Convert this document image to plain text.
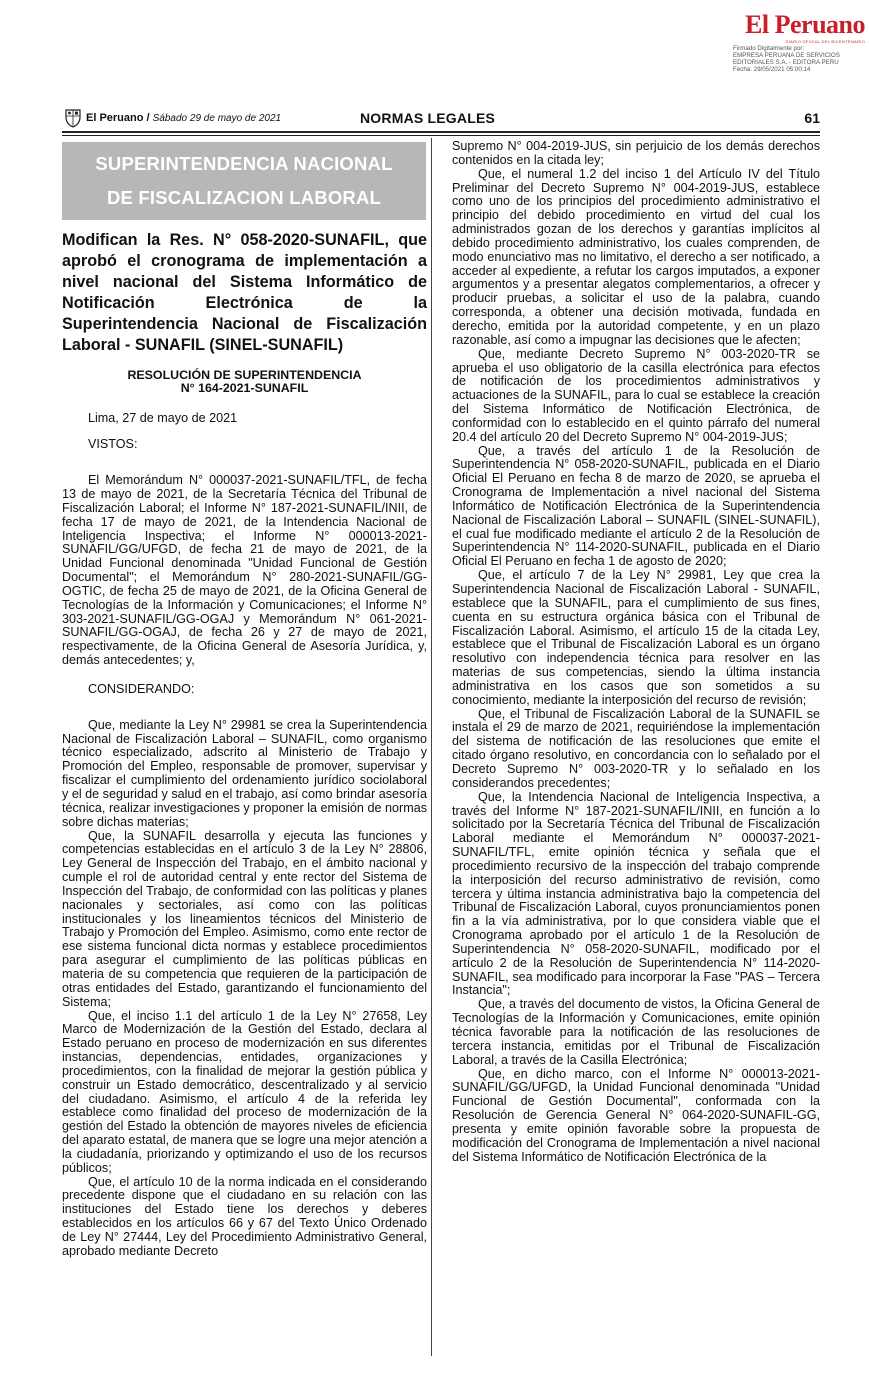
El Peruano
DIARIO OFICIAL DEL BICENTENARIO
Firmado Digitalmente por:
EMPRESA PERUANA DE SERVICIOS
EDITORIALES S.A. - EDITORA PERU
Fecha: 29/05/2021 05:00:14
El Peruano / Sábado 29 de mayo de 2021	NORMAS LEGALES	61
SUPERINTENDENCIA NACIONAL
DE FISCALIZACION LABORAL
Modifican la Res. N° 058-2020-SUNAFIL, que aprobó el cronograma de implementación a nivel nacional del Sistema Informático de Notificación Electrónica de la Superintendencia Nacional de Fiscalización Laboral - SUNAFIL (SINEL-SUNAFIL)
RESOLUCIÓN DE SUPERINTENDENCIA
N° 164-2021-SUNAFIL

Lima, 27 de mayo de 2021

VISTOS:

El Memorándum N° 000037-2021-SUNAFIL/TFL, de fecha 13 de mayo de 2021, de la Secretaría Técnica del Tribunal de Fiscalización Laboral; el Informe N° 187-2021-SUNAFIL/INII, de fecha 17 de mayo de 2021, de la Intendencia Nacional de Inteligencia Inspectiva; el Informe N° 000013-2021-SUNAFIL/GG/UFGD, de fecha 21 de mayo de 2021, de la Unidad Funcional denominada "Unidad Funcional de Gestión Documental"; el Memorándum N° 280-2021-SUNAFIL/GG-OGTIC, de fecha 25 de mayo de 2021, de la Oficina General de Tecnologías de la Información y Comunicaciones; el Informe N° 303-2021-SUNAFIL/GG-OGAJ y Memorándum N° 061-2021-SUNAFIL/GG-OGAJ, de fecha 26 y 27 de mayo de 2021, respectivamente, de la Oficina General de Asesoría Jurídica, y, demás antecedentes; y,

CONSIDERANDO:

Que, mediante la Ley N° 29981 se crea la Superintendencia Nacional de Fiscalización Laboral – SUNAFIL, como organismo técnico especializado, adscrito al Ministerio de Trabajo y Promoción del Empleo, responsable de promover, supervisar y fiscalizar el cumplimiento del ordenamiento jurídico sociolaboral y el de seguridad y salud en el trabajo, así como brindar asesoría técnica, realizar investigaciones y proponer la emisión de normas sobre dichas materias;

Que, la SUNAFIL desarrolla y ejecuta las funciones y competencias establecidas en el artículo 3 de la Ley N° 28806, Ley General de Inspección del Trabajo, en el ámbito nacional y cumple el rol de autoridad central y ente rector del Sistema de Inspección del Trabajo, de conformidad con las políticas y planes nacionales y sectoriales, así como con las políticas institucionales y los lineamientos técnicos del Ministerio de Trabajo y Promoción del Empleo. Asimismo, como ente rector de ese sistema funcional dicta normas y establece procedimientos para asegurar el cumplimiento de las políticas públicas en materia de su competencia que requieren de la participación de otras entidades del Estado, garantizando el funcionamiento del Sistema;

Que, el inciso 1.1 del artículo 1 de la Ley N° 27658, Ley Marco de Modernización de la Gestión del Estado, declara al Estado peruano en proceso de modernización en sus diferentes instancias, dependencias, entidades, organizaciones y procedimientos, con la finalidad de mejorar la gestión pública y construir un Estado democrático, descentralizado y al servicio del ciudadano. Asimismo, el artículo 4 de la referida ley establece como finalidad del proceso de modernización de la gestión del Estado la obtención de mayores niveles de eficiencia del aparato estatal, de manera que se logre una mejor atención a la ciudadanía, priorizando y optimizando el uso de los recursos públicos;

Que, el artículo 10 de la norma indicada en el considerando precedente dispone que el ciudadano en su relación con las instituciones del Estado tiene los derechos y deberes establecidos en los artículos 66 y 67 del Texto Único Ordenado de Ley N° 27444, Ley del Procedimiento Administrativo General, aprobado mediante Decreto

Supremo N° 004-2019-JUS, sin perjuicio de los demás derechos contenidos en la citada ley;

Que, el numeral 1.2 del inciso 1 del Artículo IV del Título Preliminar del Decreto Supremo N° 004-2019-JUS, establece como uno de los principios del procedimiento administrativo el principio del debido procedimiento en virtud del cual los administrados gozan de los derechos y garantías implícitos al debido procedimiento administrativo, los cuales comprenden, de modo enunciativo mas no limitativo, el derecho a ser notificado, a acceder al expediente, a refutar los cargos imputados, a exponer argumentos y a presentar alegatos complementarios, a ofrecer y producir pruebas, a solicitar el uso de la palabra, cuando corresponda, a obtener una decisión motivada, fundada en derecho, emitida por la autoridad competente, y en un plazo razonable, así como a impugnar las decisiones que le afecten;

Que, mediante Decreto Supremo N° 003-2020-TR se aprueba el uso obligatorio de la casilla electrónica para efectos de notificación de los procedimientos administrativos y actuaciones de la SUNAFIL, para lo cual se establece la creación del Sistema Informático de Notificación Electrónica, de conformidad con lo establecido en el quinto párrafo del numeral 20.4 del artículo 20 del Decreto Supremo N° 004-2019-JUS;

Que, a través del artículo 1 de la Resolución de Superintendencia N° 058-2020-SUNAFIL, publicada en el Diario Oficial El Peruano en fecha 8 de marzo de 2020, se aprueba el Cronograma de Implementación a nivel nacional del Sistema Informático de Notificación Electrónica de la Superintendencia Nacional de Fiscalización Laboral – SUNAFIL (SINEL-SUNAFIL), el cual fue modificado mediante el artículo 2 de la Resolución de Superintendencia N° 114-2020-SUNAFIL, publicada en el Diario Oficial El Peruano en fecha 1 de agosto de 2020;

Que, el artículo 7 de la Ley N° 29981, Ley que crea la Superintendencia Nacional de Fiscalización Laboral - SUNAFIL, establece que la SUNAFIL, para el cumplimiento de sus fines, cuenta en su estructura orgánica básica con el Tribunal de Fiscalización Laboral. Asimismo, el artículo 15 de la citada Ley, establece que el Tribunal de Fiscalización Laboral es un órgano resolutivo con independencia técnica para resolver en las materias de sus competencias, siendo la última instancia administrativa en los casos que son sometidos a su conocimiento, mediante la interposición del recurso de revisión;

Que, el Tribunal de Fiscalización Laboral de la SUNAFIL se instala el 29 de marzo de 2021, requiriéndose la implementación del sistema de notificación de las resoluciones que emite el citado órgano resolutivo, en concordancia con lo señalado por el Decreto Supremo N° 003-2020-TR y lo señalado en los considerandos precedentes;

Que, la Intendencia Nacional de Inteligencia Inspectiva, a través del Informe N° 187-2021-SUNAFIL/INII, en función a lo solicitado por la Secretaría Técnica del Tribunal de Fiscalización Laboral mediante el Memorándum N° 000037-2021-SUNAFIL/TFL, emite opinión técnica y señala que el procedimiento recursivo de la inspección del trabajo comprende la interposición del recurso administrativo de revisión, como tercera y última instancia administrativa bajo la competencia del Tribunal de Fiscalización Laboral, cuyos pronunciamientos ponen fin a la vía administrativa, por lo que considera viable que el Cronograma aprobado por el artículo 1 de la Resolución de Superintendencia N° 058-2020-SUNAFIL, modificado por el artículo 2 de la Resolución de Superintendencia N° 114-2020-SUNAFIL, sea modificado para incorporar la Fase "PAS – Tercera Instancia";

Que, a través del documento de vistos, la Oficina General de Tecnologías de la Información y Comunicaciones, emite opinión técnica favorable para la notificación de las resoluciones de tercera instancia, emitidas por el Tribunal de Fiscalización Laboral, a través de la Casilla Electrónica;

Que, en dicho marco, con el Informe N° 000013-2021-SUNAFIL/GG/UFGD, la Unidad Funcional denominada "Unidad Funcional de Gestión Documental", conformada con la Resolución de Gerencia General N° 064-2020-SUNAFIL-GG, presenta y emite opinión favorable sobre la propuesta de modificación del Cronograma de Implementación a nivel nacional del Sistema Informático de Notificación Electrónica de la
